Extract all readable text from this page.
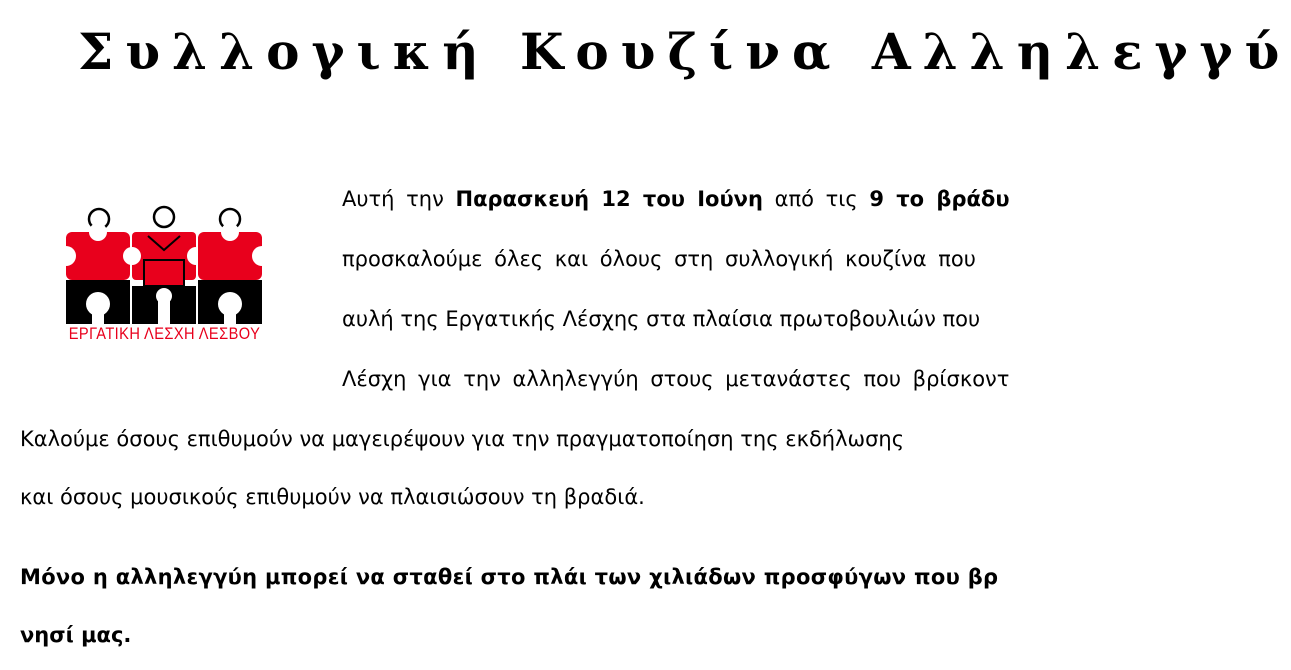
Συλλογική Κουζίνα Αλληλεγγύ
ΕΡΓΑΤΙΚΗ ΛΕΣΧΗ ΛΕΣΒΟΥ

Αυτή την Παρασκευή 12 του Ιούνη από τις 9 το βράδυ

προσκαλούμε όλες και όλους στη συλλογική κουζίνα που

αυλή της Εργατικής Λέσχης στα πλαίσια πρωτοβουλιών που

Λέσχη για την αλληλεγγύη στους μετανάστες που βρίσκοντ

Καλούμε όσους επιθυμούν να μαγειρέψουν για την πραγματοποίηση της εκδήλωσης

και όσους μουσικούς επιθυμούν να πλαισιώσουν τη βραδιά.

Μόνο η αλληλεγγύη μπορεί να σταθεί στο πλάι των χιλιάδων προσφύγων που βρ

νησί μας.
